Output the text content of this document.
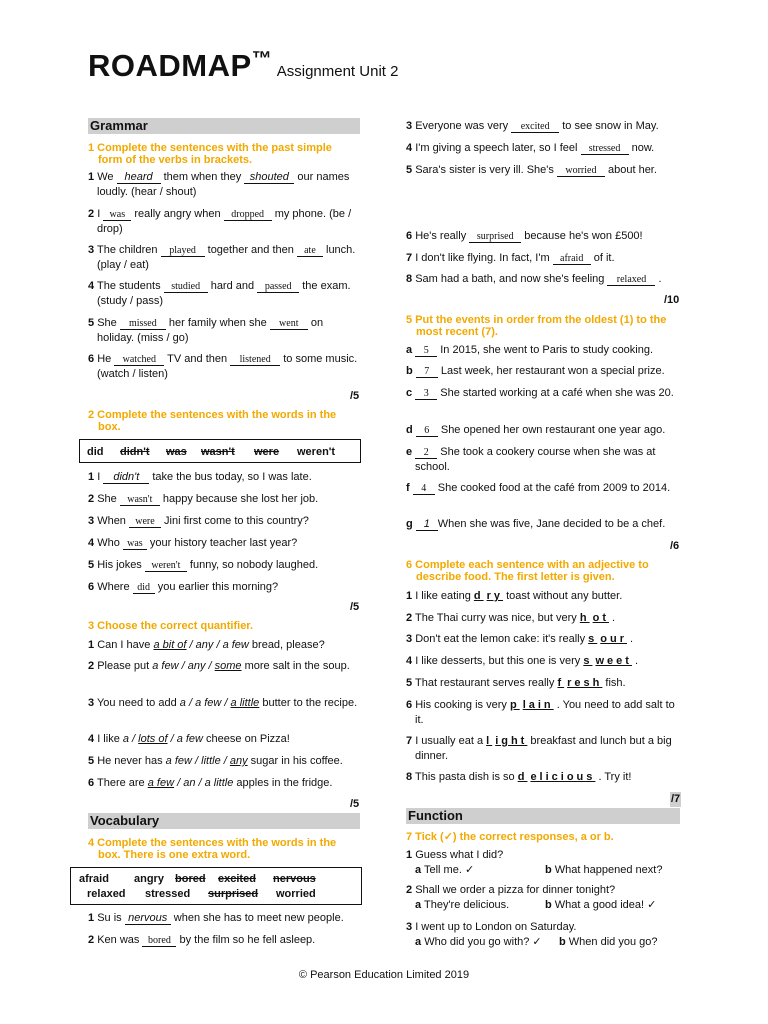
ROADMAP™ Assignment Unit 2
Grammar
1 Complete the sentences with the past simple form of the verbs in brackets.
1 We heard them when they shouted our names loudly. (hear / shout)
2 I was really angry when dropped my phone. (be / drop)
3 The children played together and then ate lunch. (play / eat)
4 The students studied hard and passed the exam. (study / pass)
5 She missed her family when she went on holiday. (miss / go)
6 He watched TV and then listened to some music. (watch / listen)
/5
2 Complete the sentences with the words in the box.
did didn't was wasn't were weren't
1 I didn't take the bus today, so I was late.
2 She wasn't happy because she lost her job.
3 When were Jini first come to this country?
4 Who was your history teacher last year?
5 His jokes weren't funny, so nobody laughed.
6 Where did you earlier this morning?
/5
3 Choose the correct quantifier.
1 Can I have a bit of / any / a few bread, please?
2 Please put a few / any / some more salt in the soup.
3 You need to add a / a few / a little butter to the recipe.
4 I like a / lots of / a few cheese on Pizza!
5 He never has a few / little / any sugar in his coffee.
6 There are a few / an / a little apples in the fridge.
/5
Vocabulary
4 Complete the sentences with the words in the box. There is one extra word.
afraid angry bored excited nervous
relaxed stressed surprised worried
1 Su is nervous when she has to meet new people.
2 Ken was bored by the film so he fell asleep.
3 Everyone was very excited to see snow in May.
4 I'm giving a speech later, so I feel stressed now.
5 Sara's sister is very ill. She's worried about her.
6 He's really surprised because he's won £500!
7 I don't like flying. In fact, I'm afraid of it.
8 Sam had a bath, and now she's feeling relaxed .
/10
5 Put the events in order from the oldest (1) to the most recent (7).
a 5 In 2015, she went to Paris to study cooking.
b 7 Last week, her restaurant won a special prize.
c 3 She started working at a café when she was 20.
d 6 She opened her own restaurant one year ago.
e 2 She took a cookery course when she was at school.
f 4 She cooked food at the café from 2009 to 2014.
g 1 When she was five, Jane decided to be a chef.
/6
6 Complete each sentence with an adjective to describe food. The first letter is given.
1 I like eating d ry toast without any butter.
2 The Thai curry was nice, but very h ot .
3 Don't eat the lemon cake: it's really s our .
4 I like desserts, but this one is very s weet .
5 That restaurant serves really f resh fish.
6 His cooking is very p lain . You need to add salt to it.
7 I usually eat a l ight breakfast and lunch but a big dinner.
8 This pasta dish is so d elicious . Try it!
/7
Function
7 Tick (✓) the correct responses, a or b.
1 Guess what I did?
a Tell me. ✓	b What happened next?
2 Shall we order a pizza for dinner tonight?
a They're delicious.	b What a good idea! ✓
3 I went up to London on Saturday.
a Who did you go with? ✓ b When did you go?
© Pearson Education Limited 2019
